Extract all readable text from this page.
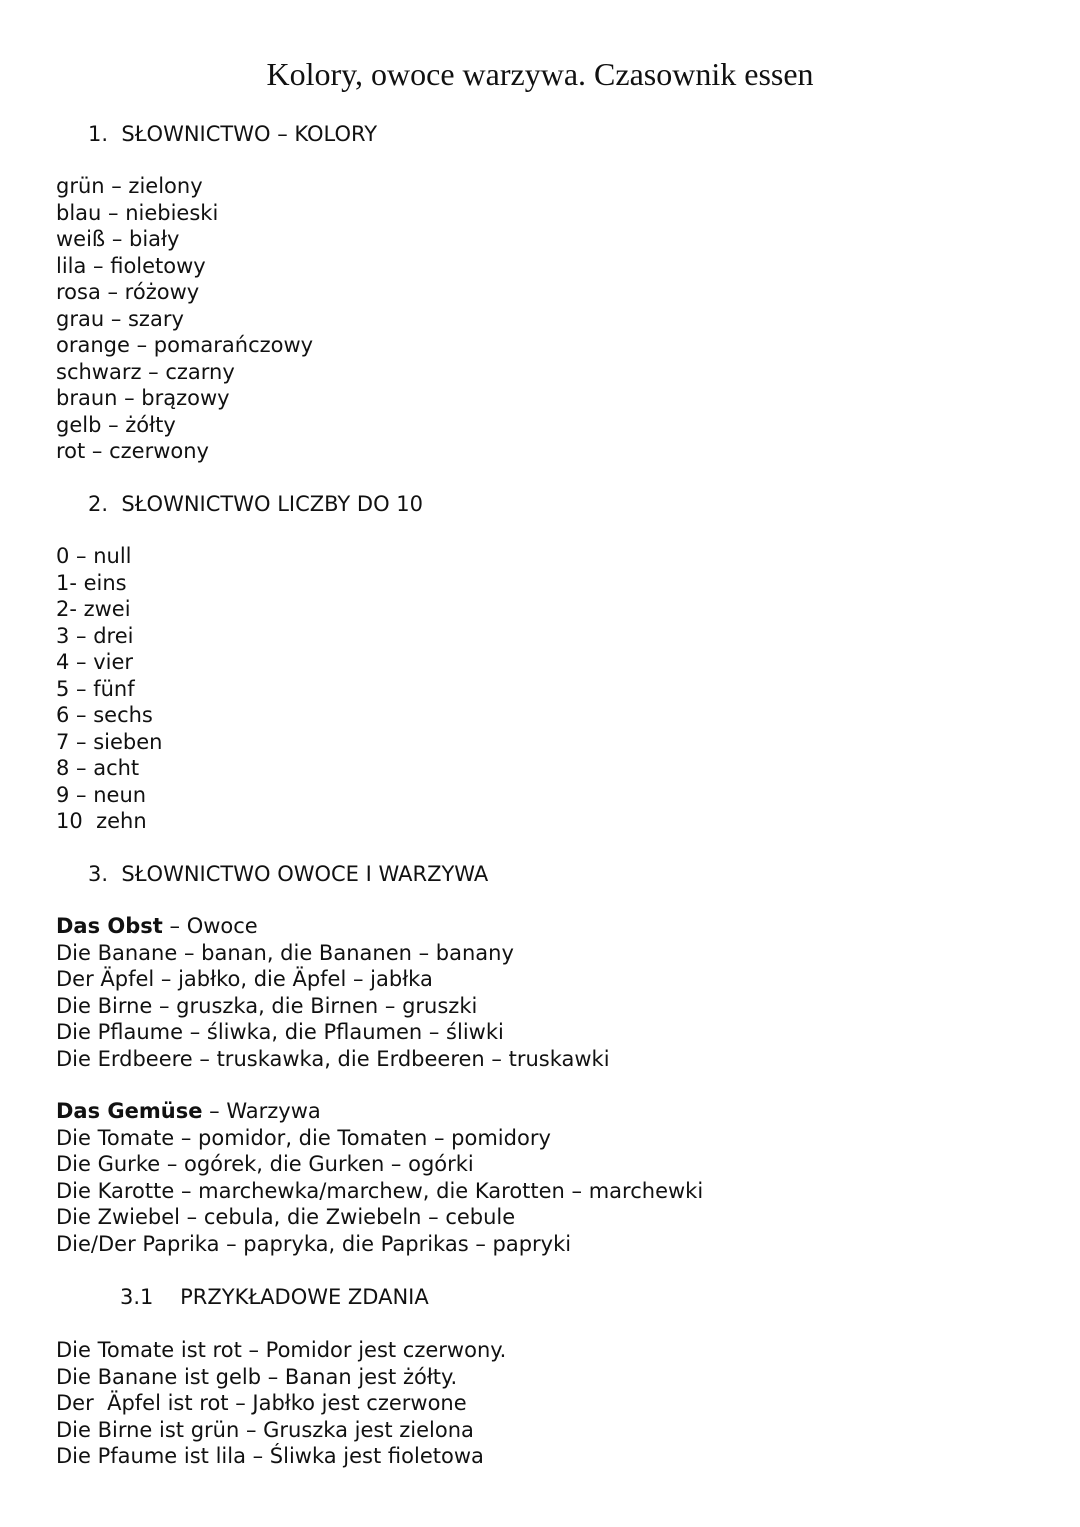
Kolory, owoce warzywa. Czasownik essen
1. SŁOWNICTWO – KOLORY
grün – zielony
blau – niebieski
weiß – biały
lila – fioletowy
rosa – różowy
grau – szary
orange – pomarańczowy
schwarz – czarny
braun – brązowy
gelb – żółty
rot – czerwony
2. SŁOWNICTWO LICZBY DO 10
0 – null
1- eins
2- zwei
3 – drei
4 – vier
5 – fünf
6 – sechs
7 – sieben
8 – acht
9 – neun
10  zehn
3. SŁOWNICTWO OWOCE I WARZYWA
Das Obst – Owoce
Die Banane – banan, die Bananen – banany
Der Äpfel – jabłko, die Äpfel – jabłka
Die Birne – gruszka, die Birnen – gruszki
Die Pflaume – śliwka, die Pflaumen – śliwki
Die Erdbeere – truskawka, die Erdbeeren – truskawki
Das Gemüse – Warzywa
Die Tomate – pomidor, die Tomaten – pomidory
Die Gurke – ogórek, die Gurken – ogórki
Die Karotte – marchewka/marchew, die Karotten – marchewki
Die Zwiebel – cebula, die Zwiebeln – cebule
Die/Der Paprika – papryka, die Paprikas – papryki
3.1 PRZYKŁADOWE ZDANIA
Die Tomate ist rot – Pomidor jest czerwony.
Die Banane ist gelb – Banan jest żółty.
Der  Äpfel ist rot – Jabłko jest czerwone
Die Birne ist grün – Gruszka jest zielona
Die Pfaume ist lila – Śliwka jest fioletowa
